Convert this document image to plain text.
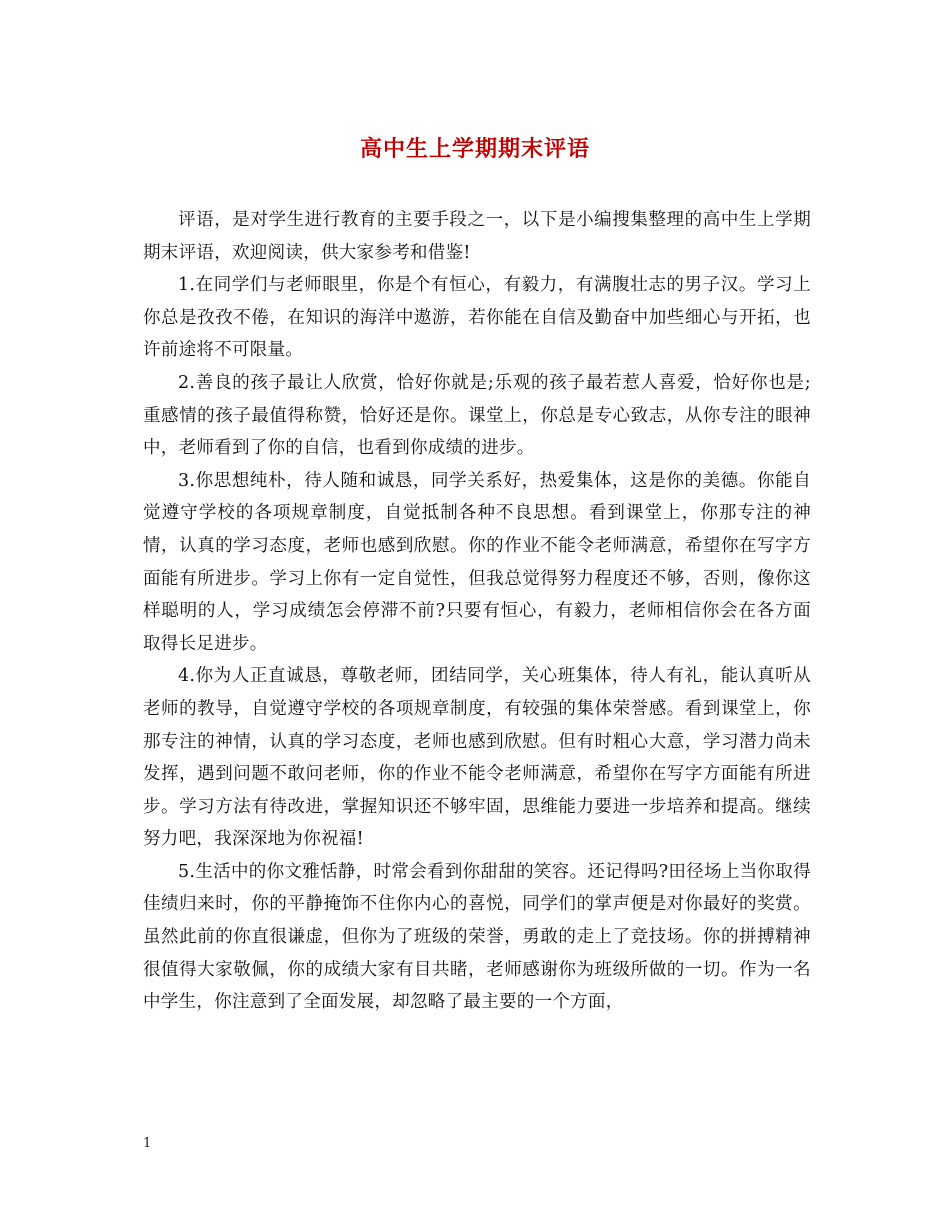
高中生上学期期末评语

评语，是对学生进行教育的主要手段之一，以下是小编搜集整理的高中生上学期期末评语，欢迎阅读，供大家参考和借鉴!

1.在同学们与老师眼里，你是个有恒心，有毅力，有满腹壮志的男子汉。学习上你总是孜孜不倦，在知识的海洋中遨游，若你能在自信及勤奋中加些细心与开拓，也许前途将不可限量。

2.善良的孩子最让人欣赏，恰好你就是;乐观的孩子最若惹人喜爱，恰好你也是;重感情的孩子最值得称赞，恰好还是你。课堂上，你总是专心致志，从你专注的眼神中，老师看到了你的自信，也看到你成绩的进步。

3.你思想纯朴，待人随和诚恳，同学关系好，热爱集体，这是你的美德。你能自觉遵守学校的各项规章制度，自觉抵制各种不良思想。看到课堂上，你那专注的神情，认真的学习态度，老师也感到欣慰。你的作业不能令老师满意，希望你在写字方面能有所进步。学习上你有一定自觉性，但我总觉得努力程度还不够，否则，像你这样聪明的人，学习成绩怎会停滞不前?只要有恒心，有毅力，老师相信你会在各方面取得长足进步。

4.你为人正直诚恳，尊敬老师，团结同学，关心班集体，待人有礼，能认真听从老师的教导，自觉遵守学校的各项规章制度，有较强的集体荣誉感。看到课堂上，你那专注的神情，认真的学习态度，老师也感到欣慰。但有时粗心大意，学习潜力尚未发挥，遇到问题不敢问老师，你的作业不能令老师满意，希望你在写字方面能有所进步。学习方法有待改进，掌握知识还不够牢固，思维能力要进一步培养和提高。继续努力吧，我深深地为你祝福!

5.生活中的你文雅恬静，时常会看到你甜甜的笑容。还记得吗?田径场上当你取得佳绩归来时，你的平静掩饰不住你内心的喜悦，同学们的掌声便是对你最好的奖赏。虽然此前的你直很谦虚，但你为了班级的荣誉，勇敢的走上了竞技场。你的拼搏精神很值得大家敬佩，你的成绩大家有目共睹，老师感谢你为班级所做的一切。作为一名中学生，你注意到了全面发展，却忽略了最主要的一个方面，

1
